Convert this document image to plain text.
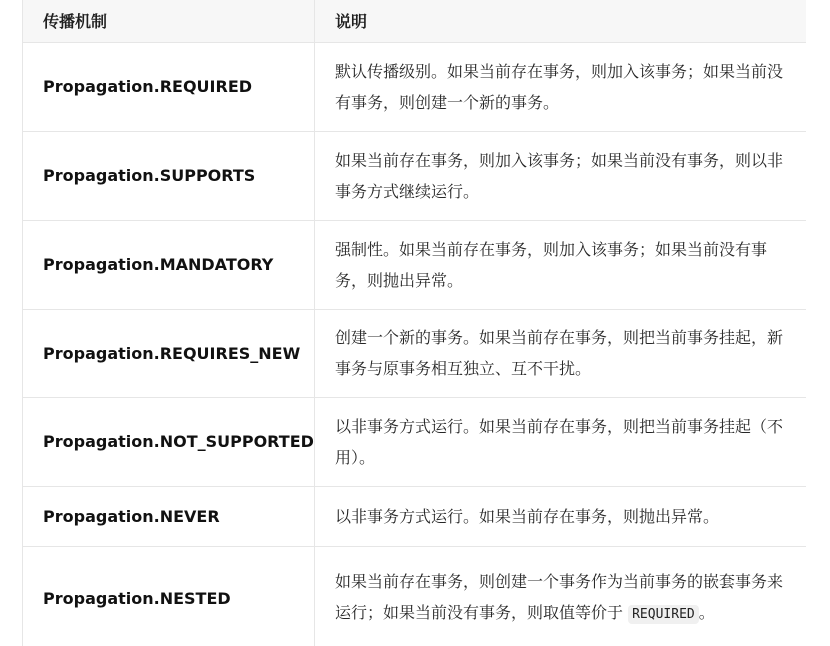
传播机制	说明
Propagation.REQUIRED	默认传播级别。如果当前存在事务，则加入该事务；如果当前没有事务，则创建一个新的事务。
Propagation.SUPPORTS	如果当前存在事务，则加入该事务；如果当前没有事务，则以非事务方式继续运行。
Propagation.MANDATORY	强制性。如果当前存在事务，则加入该事务；如果当前没有事务，则抛出异常。
Propagation.REQUIRES_NEW	创建一个新的事务。如果当前存在事务，则把当前事务挂起，新事务与原事务相互独立、互不干扰。
Propagation.NOT_SUPPORTED	以非事务方式运行。如果当前存在事务，则把当前事务挂起（不用）。
Propagation.NEVER	以非事务方式运行。如果当前存在事务，则抛出异常。
Propagation.NESTED	如果当前存在事务，则创建一个事务作为当前事务的嵌套事务来运行；如果当前没有事务，则取值等价于 REQUIRED 。
